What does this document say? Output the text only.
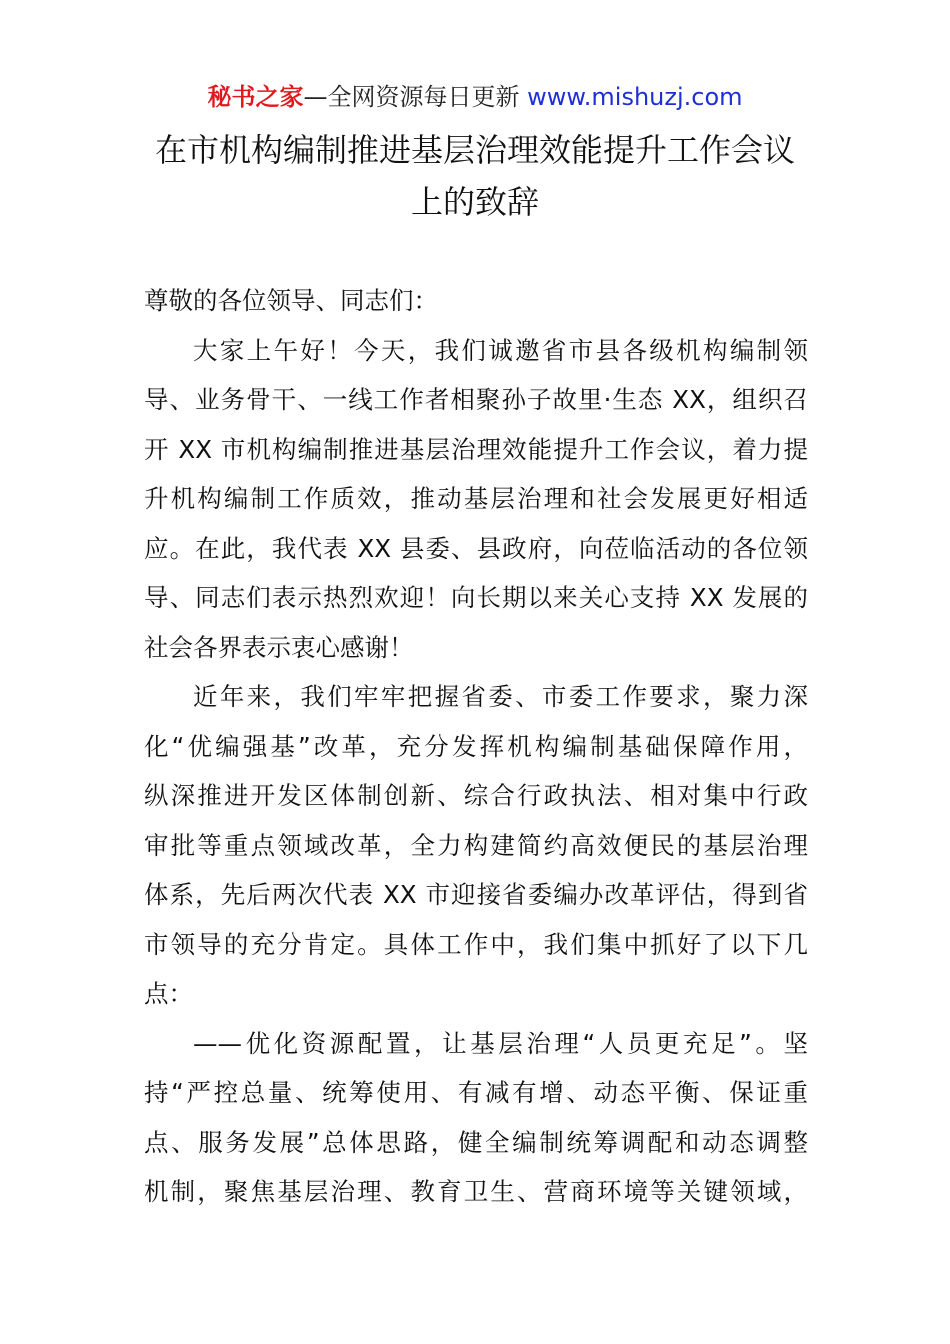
秘书之家—全网资源每日更新 www.mishuzj.com
在市机构编制推进基层治理效能提升工作会议
上的致辞
尊敬的各位领导、同志们：
大家上午好！今天，我们诚邀省市县各级机构编制领
导、业务骨干、一线工作者相聚孙子故里·生态 XX，组织召
开 XX 市机构编制推进基层治理效能提升工作会议，着力提
升机构编制工作质效，推动基层治理和社会发展更好相适
应。在此，我代表 XX 县委、县政府，向莅临活动的各位领
导、同志们表示热烈欢迎！向长期以来关心支持 XX 发展的
社会各界表示衷心感谢！
近年来，我们牢牢把握省委、市委工作要求，聚力深
化“优编强基”改革，充分发挥机构编制基础保障作用，
纵深推进开发区体制创新、综合行政执法、相对集中行政
审批等重点领域改革，全力构建简约高效便民的基层治理
体系，先后两次代表 XX 市迎接省委编办改革评估，得到省
市领导的充分肯定。具体工作中，我们集中抓好了以下几
点：
——优化资源配置，让基层治理“人员更充足”。坚
持“严控总量、统筹使用、有减有增、动态平衡、保证重
点、服务发展”总体思路，健全编制统筹调配和动态调整
机制，聚焦基层治理、教育卫生、营商环境等关键领域，
